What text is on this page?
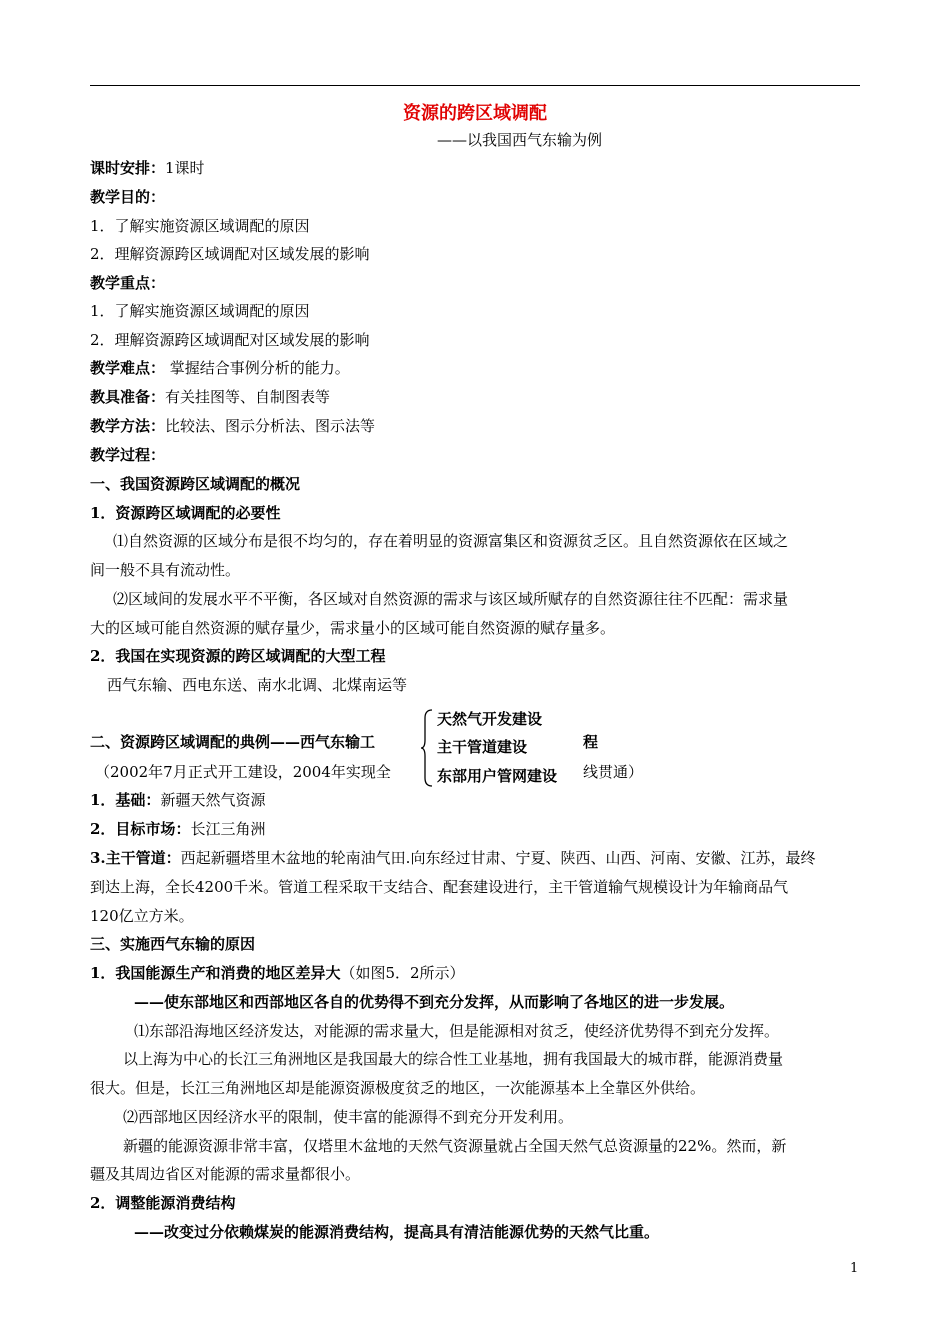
资源的跨区域调配
——以我国西气东输为例
课时安排：1课时
教学目的：
1．了解实施资源区域调配的原因
2．理解资源跨区域调配对区域发展的影响
教学重点：
1．了解实施资源区域调配的原因
2．理解资源跨区域调配对区域发展的影响
教学难点： 掌握结合事例分析的能力。
教具准备：有关挂图等、自制图表等
教学方法：比较法、图示分析法、图示法等
教学过程：
一、我国资源跨区域调配的概况
1．资源跨区域调配的必要性
⑴自然资源的区域分布是很不均匀的，存在着明显的资源富集区和资源贫乏区。且自然资源依在区域之
间一般不具有流动性。
⑵区域间的发展水平不平衡，各区域对自然资源的需求与该区域所赋存的自然资源往往不匹配：需求量
大的区域可能自然资源的赋存量少，需求量小的区域可能自然资源的赋存量多。
2．我国在实现资源的跨区域调配的大型工程
西气东输、西电东送、南水北调、北煤南运等
二、资源跨区域调配的典例——西气东输工
天然气开发建设
主干管道建设
东部用户管网建设
程
（2002年7月正式开工建设，2004年实现全	线贯通）
1．基础：新疆天然气资源
2．目标市场：长江三角洲
3.主干管道：西起新疆塔里木盆地的轮南油气田.向东经过甘肃、宁夏、陕西、山西、河南、安徽、江苏，最终
到达上海，全长4200千米。管道工程采取干支结合、配套建设进行，主干管道输气规模设计为年输商品气
120亿立方米。
三、实施西气东输的原因
1．我国能源生产和消费的地区差异大（如图5．2所示）
——使东部地区和西部地区各自的优势得不到充分发挥，从而影响了各地区的进一步发展。
⑴东部沿海地区经济发达，对能源的需求量大，但是能源相对贫乏，使经济优势得不到充分发挥。
以上海为中心的长江三角洲地区是我国最大的综合性工业基地，拥有我国最大的城市群，能源消费量
很大。但是，长江三角洲地区却是能源资源极度贫乏的地区，一次能源基本上全靠区外供给。
⑵西部地区因经济水平的限制，使丰富的能源得不到充分开发利用。
新疆的能源资源非常丰富，仅塔里木盆地的天然气资源量就占全国天然气总资源量的22%。然而，新
疆及其周边省区对能源的需求量都很小。
2．调整能源消费结构
——改变过分依赖煤炭的能源消费结构，提高具有清洁能源优势的天然气比重。
1
